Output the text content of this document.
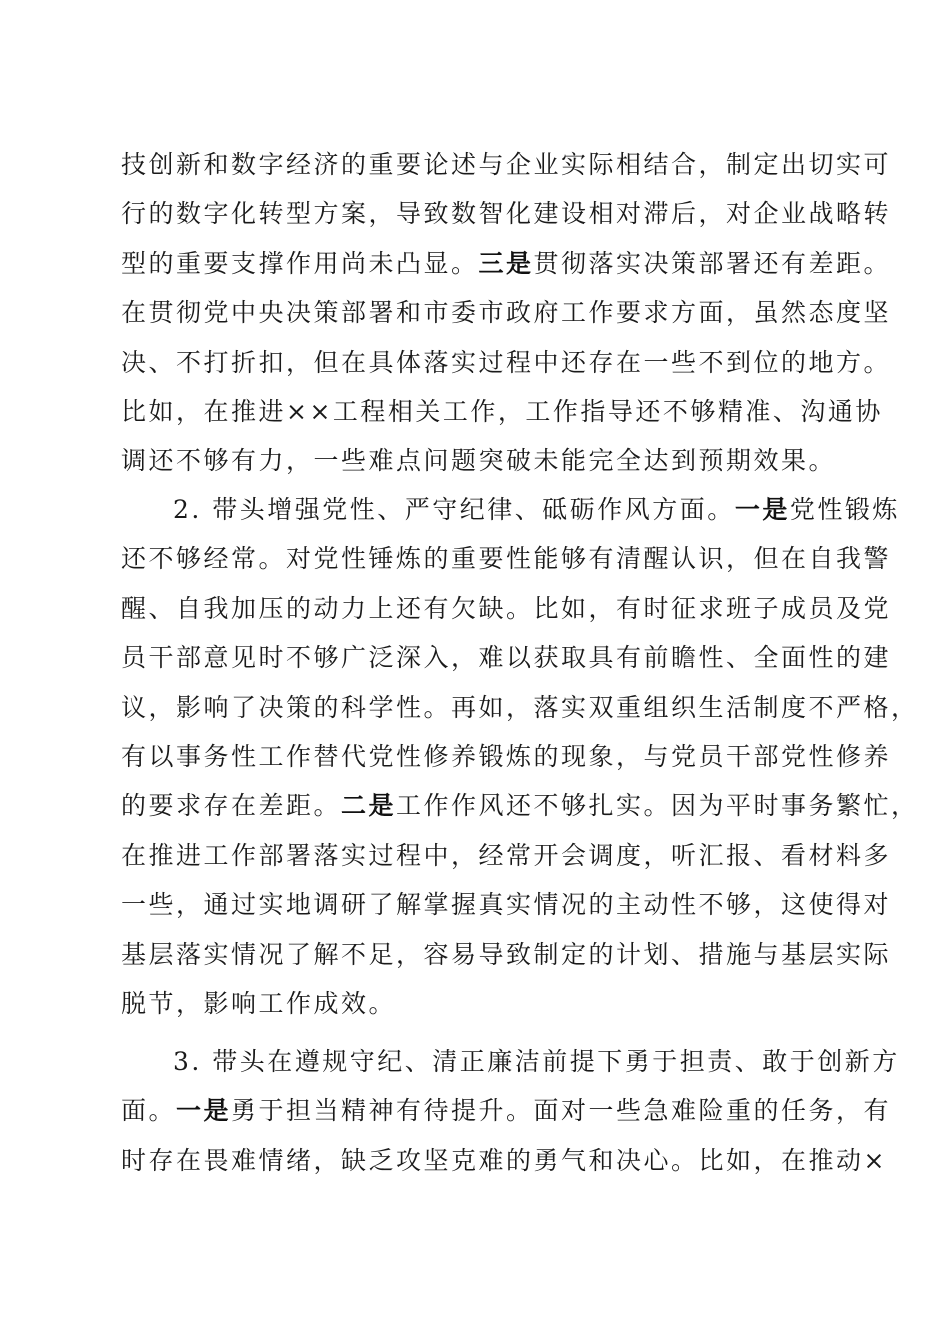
技创新和数字经济的重要论述与企业实际相结合，制定出切实可
行的数字化转型方案，导致数智化建设相对滞后，对企业战略转
型的重要支撑作用尚未凸显。三是贯彻落实决策部署还有差距。
在贯彻党中央决策部署和市委市政府工作要求方面，虽然态度坚
决、不打折扣，但在具体落实过程中还存在一些不到位的地方。
比如，在推进××工程相关工作，工作指导还不够精准、沟通协
调还不够有力，一些难点问题突破未能完全达到预期效果。
2. 带头增强党性、严守纪律、砥砺作风方面。一是党性锻炼
还不够经常。对党性锤炼的重要性能够有清醒认识，但在自我警
醒、自我加压的动力上还有欠缺。比如，有时征求班子成员及党
员干部意见时不够广泛深入，难以获取具有前瞻性、全面性的建
议，影响了决策的科学性。再如，落实双重组织生活制度不严格，
有以事务性工作替代党性修养锻炼的现象，与党员干部党性修养
的要求存在差距。二是工作作风还不够扎实。因为平时事务繁忙，
在推进工作部署落实过程中，经常开会调度，听汇报、看材料多
一些，通过实地调研了解掌握真实情况的主动性不够，这使得对
基层落实情况了解不足，容易导致制定的计划、措施与基层实际
脱节，影响工作成效。
3. 带头在遵规守纪、清正廉洁前提下勇于担责、敢于创新方
面。一是勇于担当精神有待提升。面对一些急难险重的任务，有
时存在畏难情绪，缺乏攻坚克难的勇气和决心。比如，在推动×
